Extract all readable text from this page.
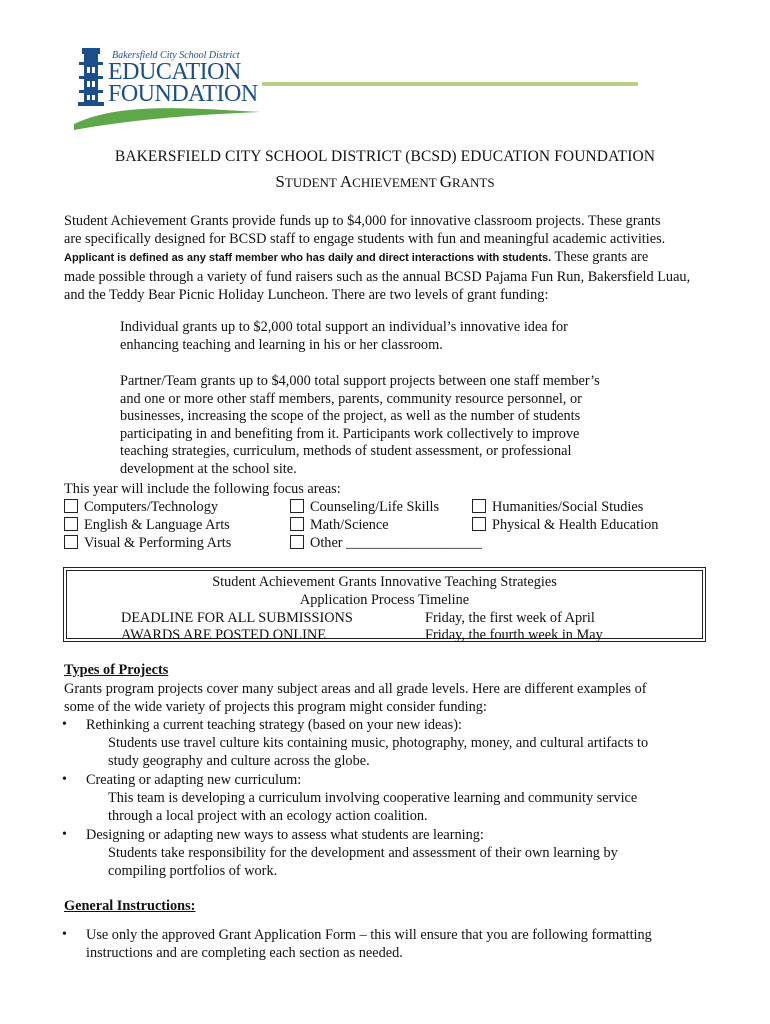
Bakersfield City School District
EDUCATION
FOUNDATION
BAKERSFIELD CITY SCHOOL DISTRICT (BCSD) EDUCATION FOUNDATION
STUDENT ACHIEVEMENT GRANTS
Student Achievement Grants provide funds up to $4,000 for innovative classroom projects. These grants
are specifically designed for BCSD staff to engage students with fun and meaningful academic activities.
Applicant is defined as any staff member who has daily and direct interactions with students. These grants are
made possible through a variety of fund raisers such as the annual BCSD Pajama Fun Run, Bakersfield Luau,
and the Teddy Bear Picnic Holiday Luncheon. There are two levels of grant funding:
Individual grants up to $2,000 total support an individual’s innovative idea for
enhancing teaching and learning in his or her classroom.
Partner/Team grants up to $4,000 total support projects between one staff member’s
and one or more other staff members, parents, community resource personnel, or
businesses, increasing the scope of the project, as well as the number of students
participating in and benefiting from it. Participants work collectively to improve
teaching strategies, curriculum, methods of student assessment, or professional
development at the school site.
This year will include the following focus areas:
Computers/Technology
English & Language Arts
Visual & Performing Arts
Counseling/Life Skills
Math/Science
Other ___________________
Humanities/Social Studies
Physical & Health Education
Student Achievement Grants Innovative Teaching Strategies
Application Process Timeline
DEADLINE FOR ALL SUBMISSIONS	Friday, the first week of April
AWARDS ARE POSTED ONLINE	Friday, the fourth week in May
Types of Projects
Grants program projects cover many subject areas and all grade levels. Here are different examples of
some of the wide variety of projects this program might consider funding:
• Rethinking a current teaching strategy (based on your new ideas):
Students use travel culture kits containing music, photography, money, and cultural artifacts to
study geography and culture across the globe.
• Creating or adapting new curriculum:
This team is developing a curriculum involving cooperative learning and community service
through a local project with an ecology action coalition.
• Designing or adapting new ways to assess what students are learning:
Students take responsibility for the development and assessment of their own learning by
compiling portfolios of work.
General Instructions:
• Use only the approved Grant Application Form – this will ensure that you are following formatting
instructions and are completing each section as needed.
